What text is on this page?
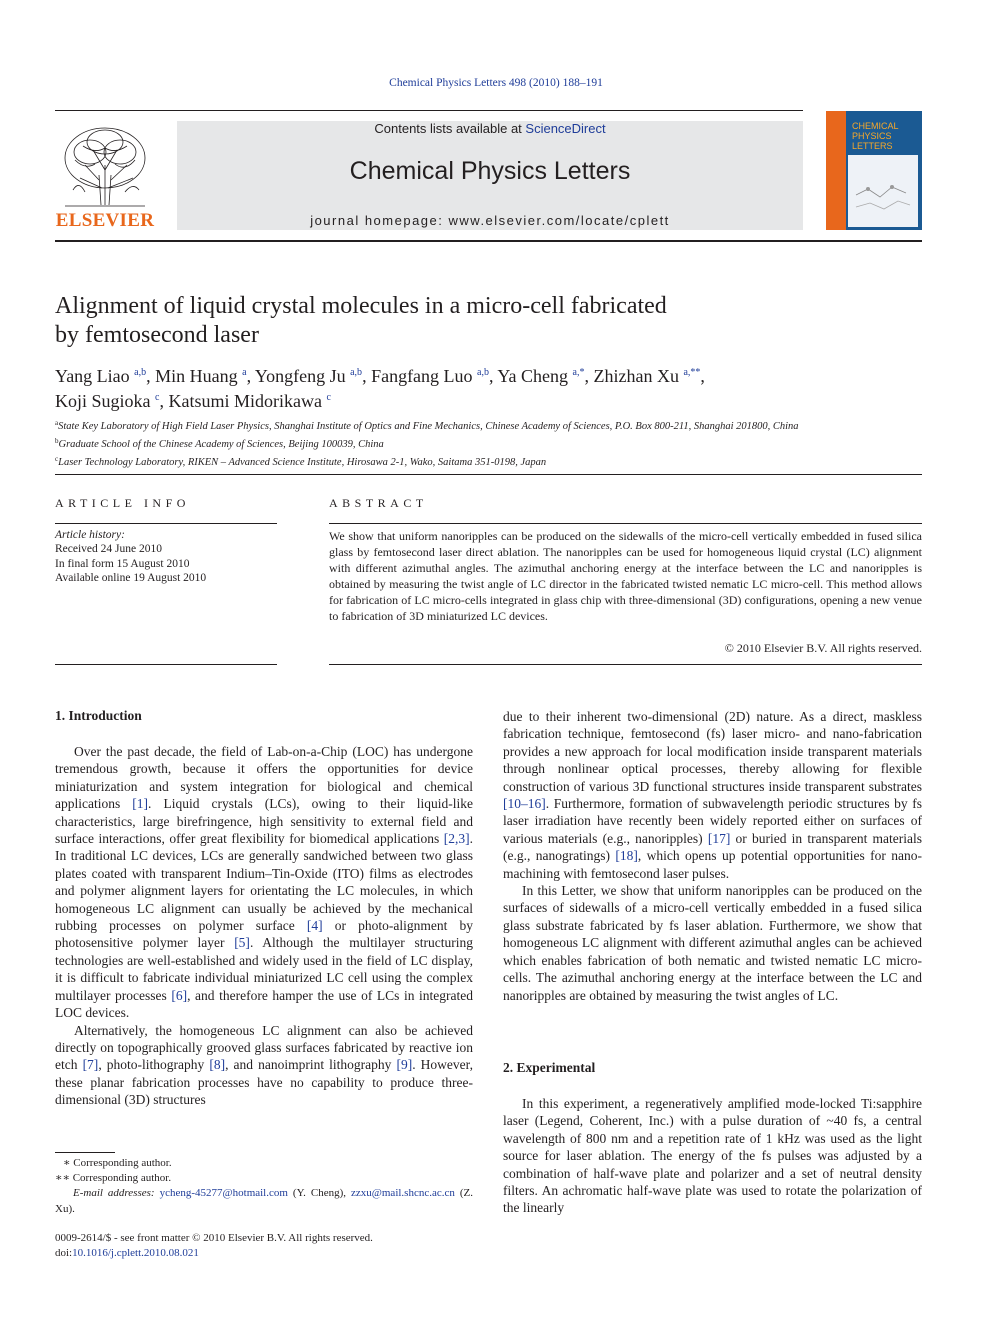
Chemical Physics Letters 498 (2010) 188–191
ELSEVIER
Contents lists available at ScienceDirect
Chemical Physics Letters
journal homepage: www.elsevier.com/locate/cplett
CHEMICAL
PHYSICS
LETTERS
Alignment of liquid crystal molecules in a micro-cell fabricated
by femtosecond laser
Yang Liao $^{a,b}$, Min Huang $^a$, Yongfeng Ju $^{a,b}$, Fangfang Luo $^{a,b}$, Ya Cheng $^{a,*}$, Zhizhan Xu $^{a,**}$,
Koji Sugioka $^c$, Katsumi Midorikawa $^c$
$^a$State Key Laboratory of High Field Laser Physics, Shanghai Institute of Optics and Fine Mechanics, Chinese Academy of Sciences, P.O. Box 800-211, Shanghai 201800, China
$^b$Graduate School of the Chinese Academy of Sciences, Beijing 100039, China
$^c$Laser Technology Laboratory, RIKEN – Advanced Science Institute, Hirosawa 2-1, Wako, Saitama 351-0198, Japan
ARTICLE INFO	ABSTRACT
Article history:
Received 24 June 2010
In final form 15 August 2010
Available online 19 August 2010
We show that uniform nanoripples can be produced on the sidewalls of the micro-cell vertically embedded in fused silica glass by femtosecond laser direct ablation. The nanoripples can be used for homogeneous liquid crystal (LC) alignment with different azimuthal angles. The azimuthal anchoring energy at the interface between the LC and nanoripples is obtained by measuring the twist angle of LC director in the fabricated twisted nematic LC micro-cell. This method allows for fabrication of LC micro-cells integrated in glass chip with three-dimensional (3D) configurations, opening a new venue to fabrication of 3D miniaturized LC devices.
© 2010 Elsevier B.V. All rights reserved.
1. Introduction

Over the past decade, the field of Lab-on-a-Chip (LOC) has undergone tremendous growth, because it offers the opportunities for device miniaturization and system integration for biological and chemical applications [1]. Liquid crystals (LCs), owing to their liquid-like characteristics, large birefringence, high sensitivity to external field and surface interactions, offer great flexibility for biomedical applications [2,3]. In traditional LC devices, LCs are generally sandwiched between two glass plates coated with transparent Indium–Tin-Oxide (ITO) films as electrodes and polymer alignment layers for orientating the LC molecules, in which homogeneous LC alignment can usually be achieved by the mechanical rubbing processes on polymer surface [4] or photo-alignment by photosensitive polymer layer [5]. Although the multilayer structuring technologies are well-established and widely used in the field of LC display, it is difficult to fabricate individual miniaturized LC cell using the complex multilayer processes [6], and therefore hamper the use of LCs in integrated LOC devices.

Alternatively, the homogeneous LC alignment can also be achieved directly on topographically grooved glass surfaces fabricated by reactive ion etch [7], photo-lithography [8], and nanoimprint lithography [9]. However, these planar fabrication processes have no capability to produce three-dimensional (3D) structures

due to their inherent two-dimensional (2D) nature. As a direct, maskless fabrication technique, femtosecond (fs) laser micro- and nano-fabrication provides a new approach for local modification inside transparent materials through nonlinear optical processes, thereby allowing for flexible construction of various 3D functional structures inside transparent substrates [10–16]. Furthermore, formation of subwavelength periodic structures by fs laser irradiation have recently been widely reported either on surfaces of various materials (e.g., nanoripples) [17] or buried in transparent materials (e.g., nanogratings) [18], which opens up potential opportunities for nano-machining with femtosecond laser pulses.

In this Letter, we show that uniform nanoripples can be produced on the surfaces of sidewalls of a micro-cell vertically embedded in a fused silica glass substrate fabricated by fs laser ablation. Furthermore, we show that homogeneous LC alignment with different azimuthal angles can be achieved which enables fabrication of both nematic and twisted nematic LC micro-cells. The azimuthal anchoring energy at the interface between the LC and nanoripples are obtained by measuring the twist angles of LC.

2. Experimental

In this experiment, a regeneratively amplified mode-locked Ti:sapphire laser (Legend, Coherent, Inc.) with a pulse duration of ~40 fs, a central wavelength of 800 nm and a repetition rate of 1 kHz was used as the light source for laser ablation. The energy of the fs pulses was adjusted by a combination of half-wave plate and polarizer and a set of neutral density filters. An achromatic half-wave plate was used to rotate the polarization of the linearly

∗ Corresponding author.
∗∗ Corresponding author.
E-mail addresses: ycheng-45277@hotmail.com (Y. Cheng), zzxu@mail.shcnc.ac.cn (Z. Xu).
0009-2614/$ - see front matter © 2010 Elsevier B.V. All rights reserved.
doi:10.1016/j.cplett.2010.08.021
